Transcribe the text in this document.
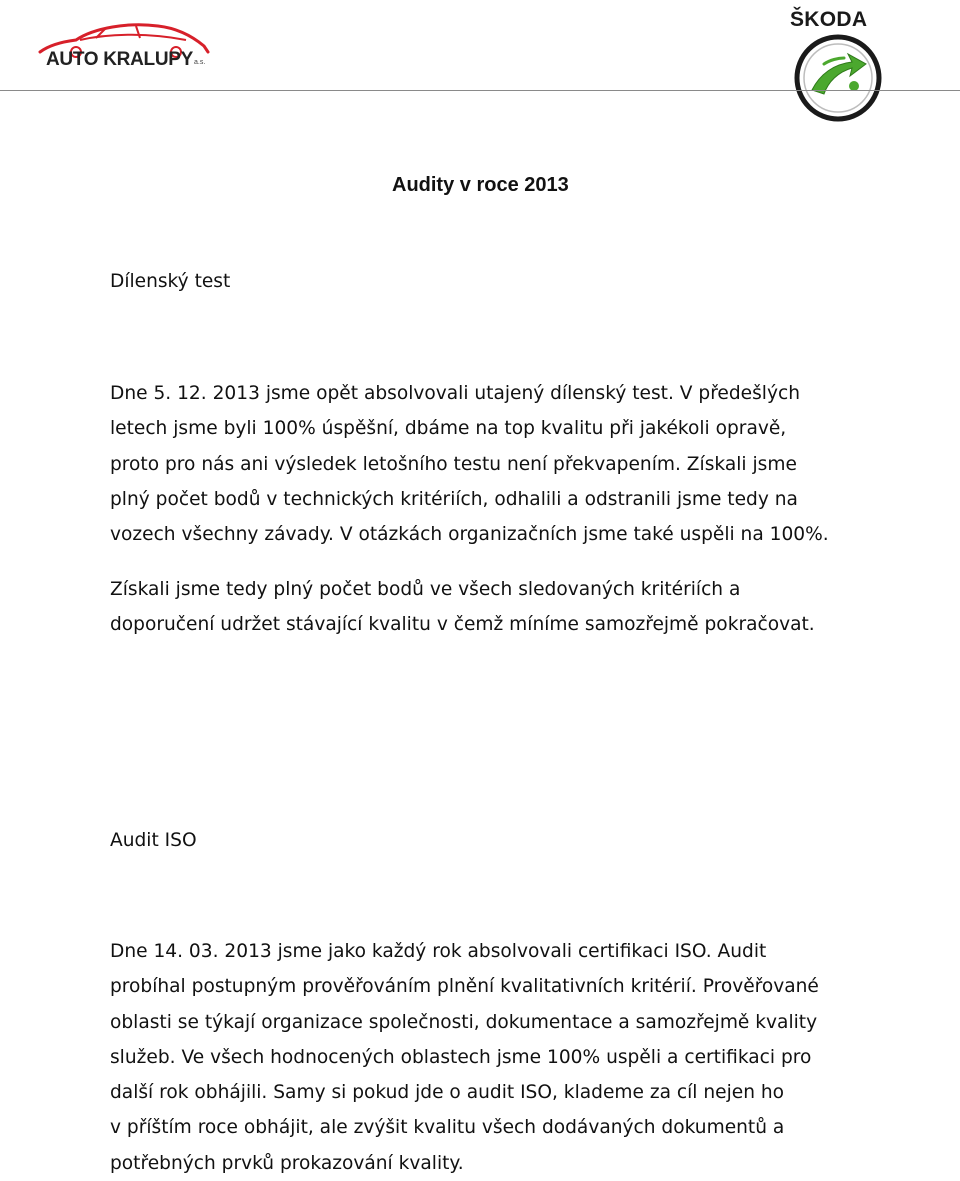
AUTO KRALUPY a.s.
ŠKODA
Audity v roce 2013
Dílenský test

Dne 5. 12. 2013 jsme opět absolvovali utajený dílenský test. V předešlých
letech jsme byli 100% úspěšní, dbáme na top kvalitu při jakékoli opravě,
proto pro nás ani výsledek letošního testu není překvapením. Získali jsme
plný počet bodů v technických kritériích, odhalili a odstranili jsme tedy na
vozech všechny závady. V otázkách organizačních jsme také uspěli na 100%.

Získali jsme tedy plný počet bodů ve všech sledovaných kritériích a
doporučení udržet stávající kvalitu v čemž míníme samozřejmě pokračovat.

Audit ISO

Dne 14. 03. 2013 jsme jako každý rok absolvovali certifikaci ISO. Audit
probíhal postupným prověřováním plnění kvalitativních kritérií. Prověřované
oblasti se týkají organizace společnosti, dokumentace a samozřejmě kvality
služeb. Ve všech hodnocených oblastech jsme 100% uspěli a certifikaci pro
další rok obhájili. Samy si pokud jde o audit ISO, klademe za cíl nejen ho
v příštím roce obhájit, ale zvýšit kvalitu všech dodávaných dokumentů a
potřebných prvků prokazování kvality.
